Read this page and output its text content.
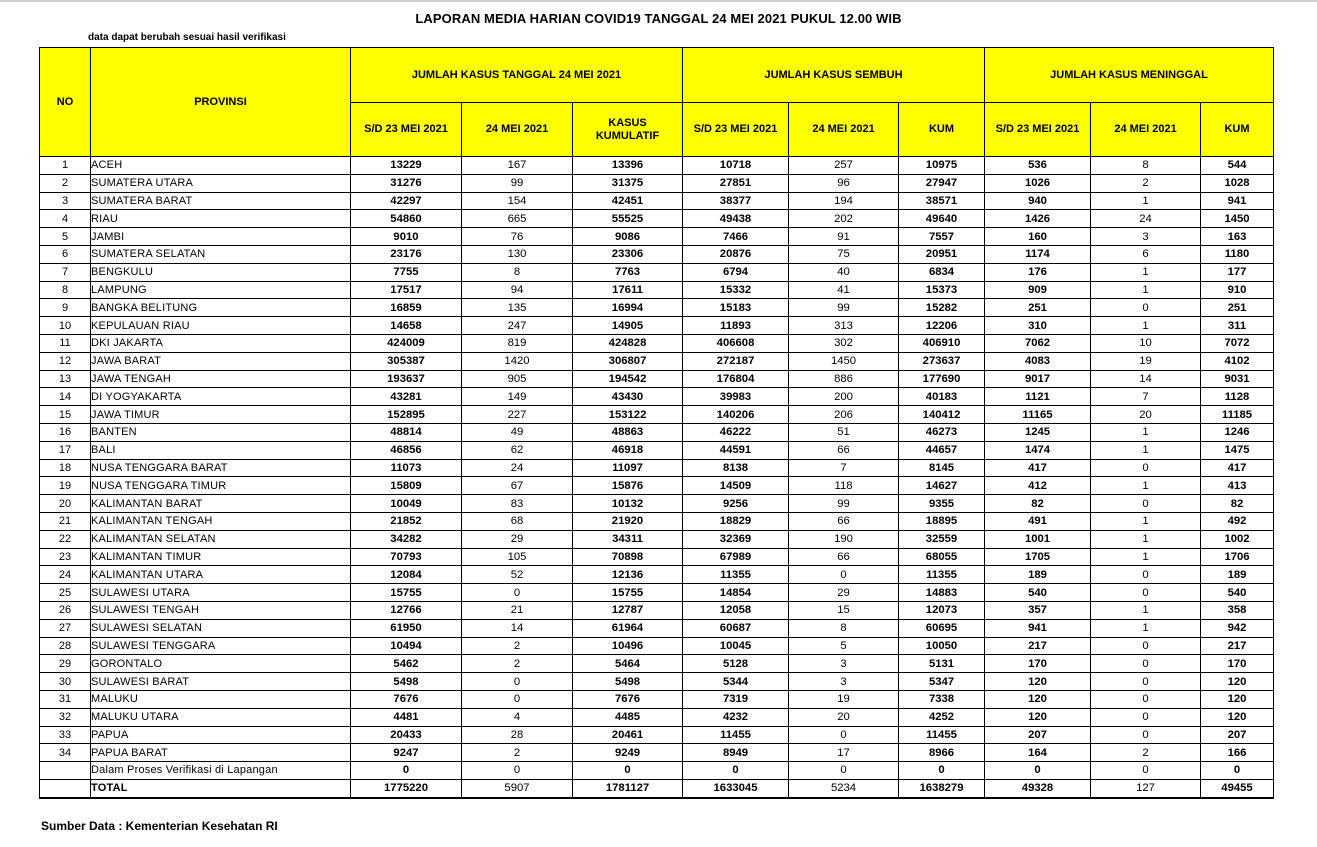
LAPORAN MEDIA HARIAN COVID19 TANGGAL 24 MEI 2021 PUKUL 12.00 WIB
data dapat berubah sesuai hasil verifikasi
NO	PROVINSI	JUMLAH KASUS TANGGAL 24 MEI 2021			JUMLAH KASUS SEMBUH			JUMLAH KASUS MENINGGAL		
		S/D 23 MEI 2021	24 MEI 2021	KASUS KUMULATIF	S/D 23 MEI 2021	24 MEI 2021	KUM	S/D 23 MEI 2021	24 MEI 2021	KUM
1	ACEH	13229	167	13396	10718	257	10975	536	8	544
2	SUMATERA UTARA	31276	99	31375	27851	96	27947	1026	2	1028
3	SUMATERA BARAT	42297	154	42451	38377	194	38571	940	1	941
4	RIAU	54860	665	55525	49438	202	49640	1426	24	1450
5	JAMBI	9010	76	9086	7466	91	7557	160	3	163
6	SUMATERA SELATAN	23176	130	23306	20876	75	20951	1174	6	1180
7	BENGKULU	7755	8	7763	6794	40	6834	176	1	177
8	LAMPUNG	17517	94	17611	15332	41	15373	909	1	910
9	BANGKA BELITUNG	16859	135	16994	15183	99	15282	251	0	251
10	KEPULAUAN RIAU	14658	247	14905	11893	313	12206	310	1	311
11	DKI JAKARTA	424009	819	424828	406608	302	406910	7062	10	7072
12	JAWA BARAT	305387	1420	306807	272187	1450	273637	4083	19	4102
13	JAWA TENGAH	193637	905	194542	176804	886	177690	9017	14	9031
14	DI YOGYAKARTA	43281	149	43430	39983	200	40183	1121	7	1128
15	JAWA TIMUR	152895	227	153122	140206	206	140412	11165	20	11185
16	BANTEN	48814	49	48863	46222	51	46273	1245	1	1246
17	BALI	46856	62	46918	44591	66	44657	1474	1	1475
18	NUSA TENGGARA BARAT	11073	24	11097	8138	7	8145	417	0	417
19	NUSA TENGGARA TIMUR	15809	67	15876	14509	118	14627	412	1	413
20	KALIMANTAN BARAT	10049	83	10132	9256	99	9355	82	0	82
21	KALIMANTAN TENGAH	21852	68	21920	18829	66	18895	491	1	492
22	KALIMANTAN SELATAN	34282	29	34311	32369	190	32559	1001	1	1002
23	KALIMANTAN TIMUR	70793	105	70898	67989	66	68055	1705	1	1706
24	KALIMANTAN UTARA	12084	52	12136	11355	0	11355	189	0	189
25	SULAWESI UTARA	15755	0	15755	14854	29	14883	540	0	540
26	SULAWESI TENGAH	12766	21	12787	12058	15	12073	357	1	358
27	SULAWESI SELATAN	61950	14	61964	60687	8	60695	941	1	942
28	SULAWESI TENGGARA	10494	2	10496	10045	5	10050	217	0	217
29	GORONTALO	5462	2	5464	5128	3	5131	170	0	170
30	SULAWESI BARAT	5498	0	5498	5344	3	5347	120	0	120
31	MALUKU	7676	0	7676	7319	19	7338	120	0	120
32	MALUKU UTARA	4481	4	4485	4232	20	4252	120	0	120
33	PAPUA	20433	28	20461	11455	0	11455	207	0	207
34	PAPUA BARAT	9247	2	9249	8949	17	8966	164	2	166
	Dalam Proses Verifikasi di Lapangan	0	0	0	0	0	0	0	0	0
	TOTAL	1775220	5907	1781127	1633045	5234	1638279	49328	127	49455
Sumber Data : Kementerian Kesehatan RI
